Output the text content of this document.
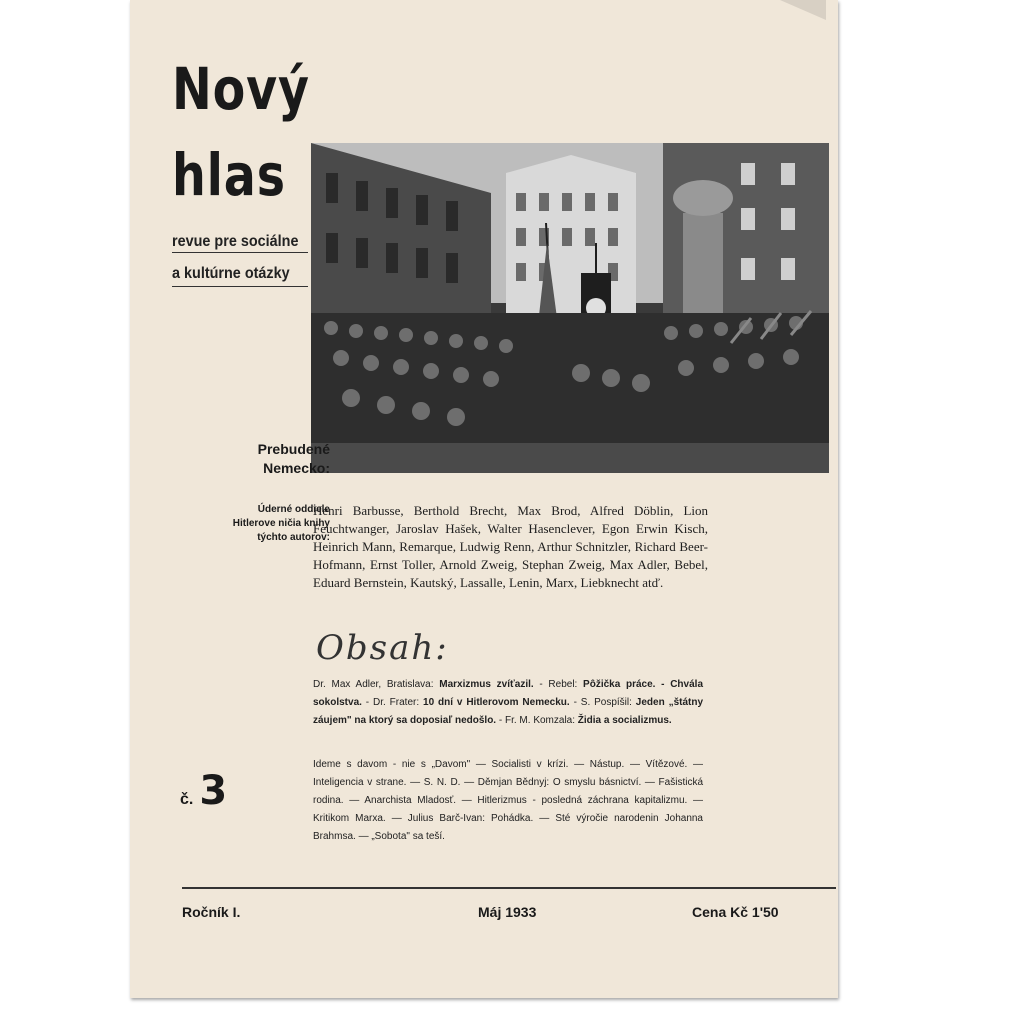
Nový
hlas
revue pre sociálne
a kultúrne otázky
Prebudené
Nemecko:
Úderné oddiele
Hitlerove ničia knihy
týchto autorov:
Henri Barbusse, Berthold Brecht, Max Brod, Alfred Döblin, Lion Feuchtwanger, Jaroslav Hašek, Walter Hasenclever, Egon Erwin Kisch, Heinrich Mann, Remarque, Ludwig Renn, Arthur Schnitzler, Richard Beer-Hofmann, Ernst Toller, Arnold Zweig, Stephan Zweig, Max Adler, Bebel, Eduard Bernstein, Kautský, Lassalle, Lenin, Marx, Liebknecht atď.
Obsah:
Dr. Max Adler, Bratislava: Marxizmus zvíťazil. - Rebel: Pôžička práce. - Chvála sokolstva. - Dr. Frater: 10 dní v Hitlerovom Nemecku. - S. Pospíšil: Jeden „štátny záujem" na ktorý sa doposiaľ nedošlo. - Fr. M. Komzala: Židia a socializmus.
Ideme s davom - nie s „Davom" — Socialisti v krízi. — Nástup. — Vítězové. — Inteligencia v strane. — S. N. D. — Děmjan Bědnyj: O smyslu básnictví. — Fašistická rodina. — Anarchista Mladosť. — Hitlerizmus - posledná záchrana kapitalizmu. — Kritikom Marxa. — Julius Barč-Ivan: Pohádka. — Sté výročie narodenin Johanna Brahmsa. — „Sobota" sa teší.
č. 3
Ročník I.	Máj 1933	Cena Kč 1'50
